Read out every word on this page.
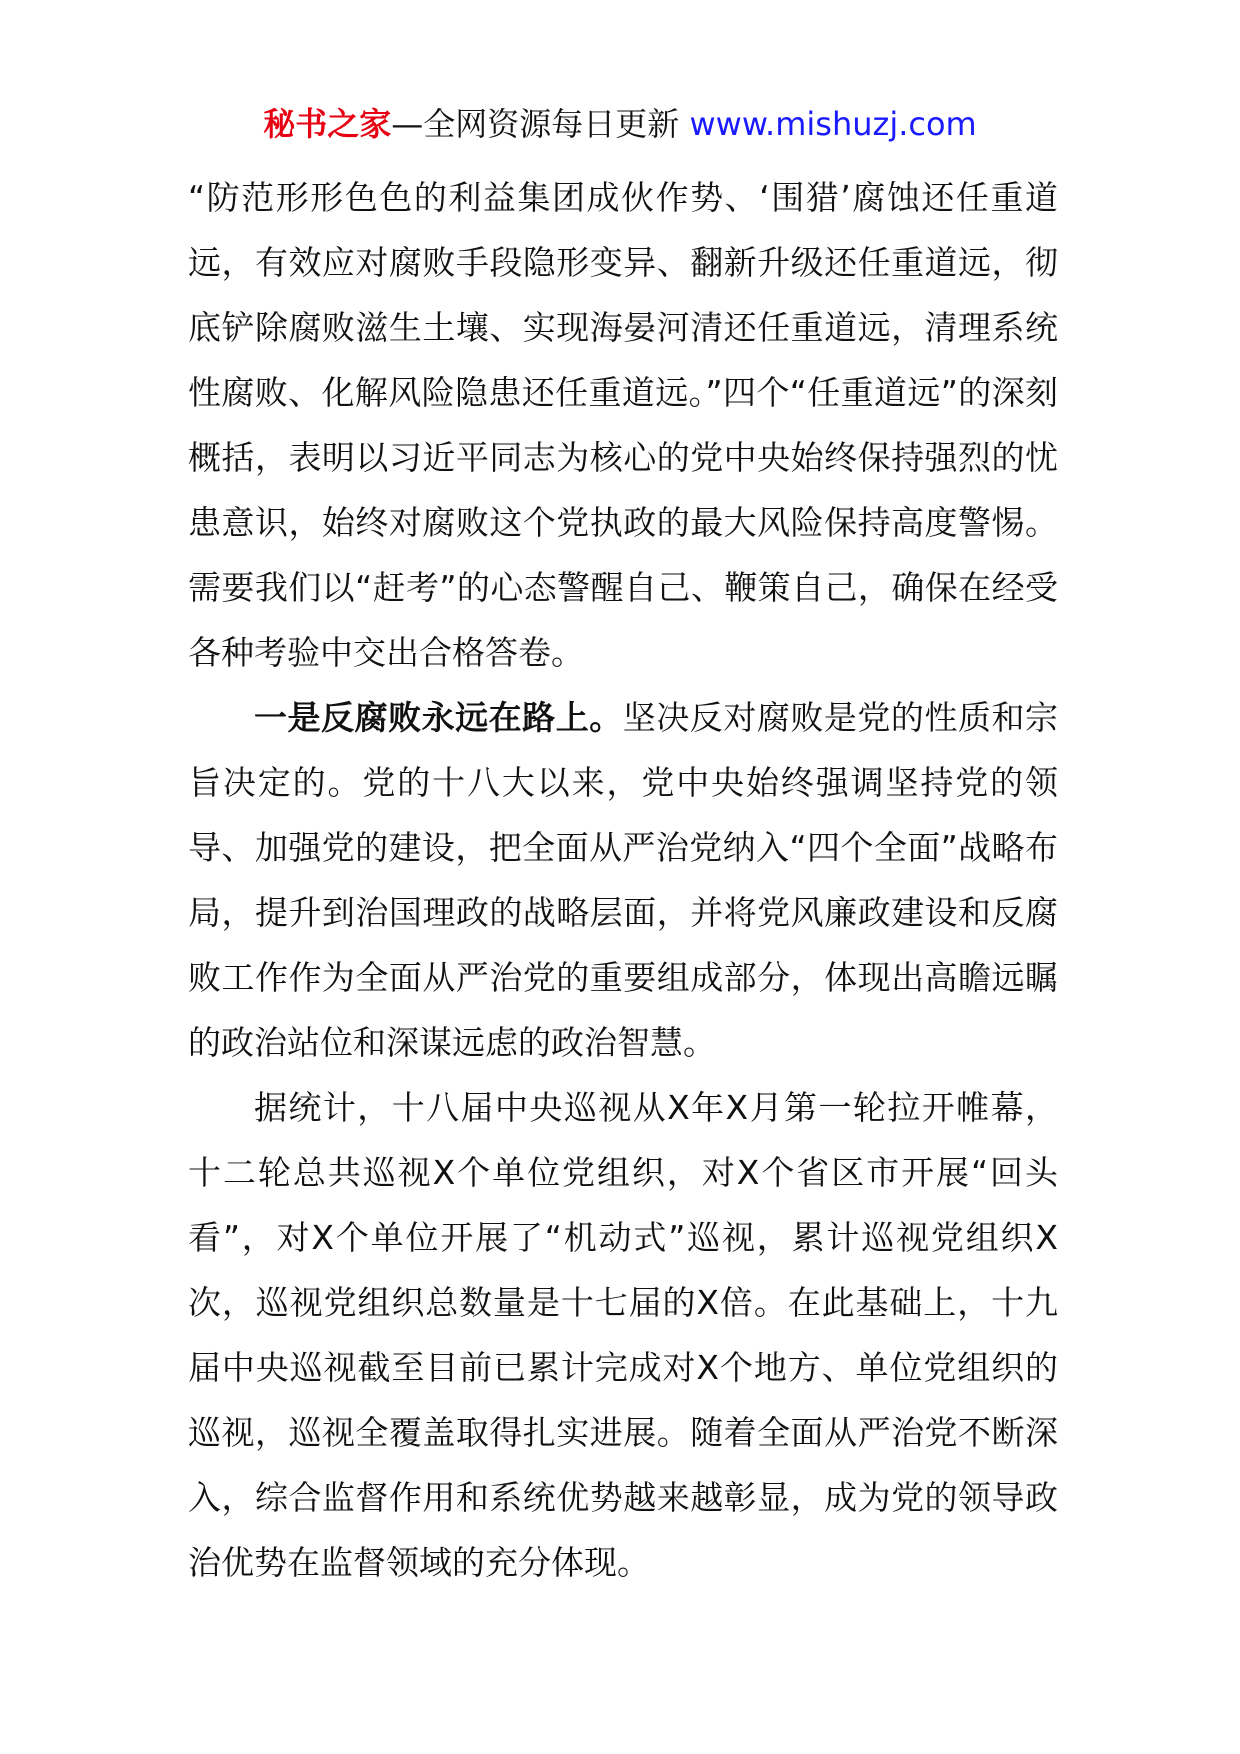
秘书之家—全网资源每日更新 www.mishuzj.com

“防范形形色色的利益集团成伙作势、‘围猎’腐蚀还任重道远，有效应对腐败手段隐形变异、翻新升级还任重道远，彻底铲除腐败滋生土壤、实现海晏河清还任重道远，清理系统性腐败、化解风险隐患还任重道远。”四个“任重道远”的深刻概括，表明以习近平同志为核心的党中央始终保持强烈的忧患意识，始终对腐败这个党执政的最大风险保持高度警惕。需要我们以“赶考”的心态警醒自己、鞭策自己，确保在经受各种考验中交出合格答卷。

一是反腐败永远在路上。坚决反对腐败是党的性质和宗旨决定的。党的十八大以来，党中央始终强调坚持党的领导、加强党的建设，把全面从严治党纳入“四个全面”战略布局，提升到治国理政的战略层面，并将党风廉政建设和反腐败工作作为全面从严治党的重要组成部分，体现出高瞻远瞩的政治站位和深谋远虑的政治智慧。

据统计，十八届中央巡视从X年X月第一轮拉开帷幕，十二轮总共巡视X个单位党组织，对X个省区市开展“回头看”，对X个单位开展了“机动式”巡视，累计巡视党组织X次，巡视党组织总数量是十七届的X倍。在此基础上，十九届中央巡视截至目前已累计完成对X个地方、单位党组织的巡视，巡视全覆盖取得扎实进展。随着全面从严治党不断深入，综合监督作用和系统优势越来越彰显，成为党的领导政治优势在监督领域的充分体现。
